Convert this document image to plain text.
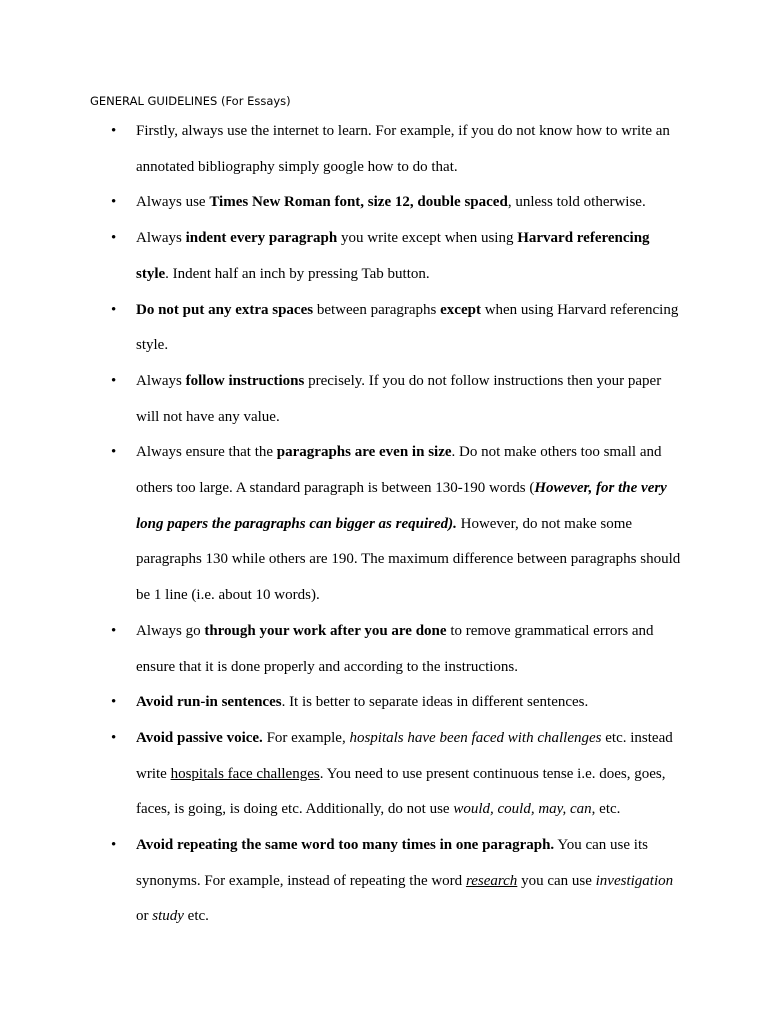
GENERAL GUIDELINES (For Essays)
• Firstly, always use the internet to learn. For example, if you do not know how to write an annotated bibliography simply google how to do that.
• Always use Times New Roman font, size 12, double spaced, unless told otherwise.
• Always indent every paragraph you write except when using Harvard referencing style. Indent half an inch by pressing Tab button.
• Do not put any extra spaces between paragraphs except when using Harvard referencing style.
• Always follow instructions precisely. If you do not follow instructions then your paper will not have any value.
• Always ensure that the paragraphs are even in size. Do not make others too small and others too large. A standard paragraph is between 130-190 words (However, for the very long papers the paragraphs can bigger as required). However, do not make some paragraphs 130 while others are 190. The maximum difference between paragraphs should be 1 line (i.e. about 10 words).
• Always go through your work after you are done to remove grammatical errors and ensure that it is done properly and according to the instructions.
• Avoid run-in sentences. It is better to separate ideas in different sentences.
• Avoid passive voice. For example, hospitals have been faced with challenges etc. instead write hospitals face challenges. You need to use present continuous tense i.e. does, goes, faces, is going, is doing etc. Additionally, do not use would, could, may, can, etc.
• Avoid repeating the same word too many times in one paragraph. You can use its synonyms. For example, instead of repeating the word research you can use investigation or study etc.
